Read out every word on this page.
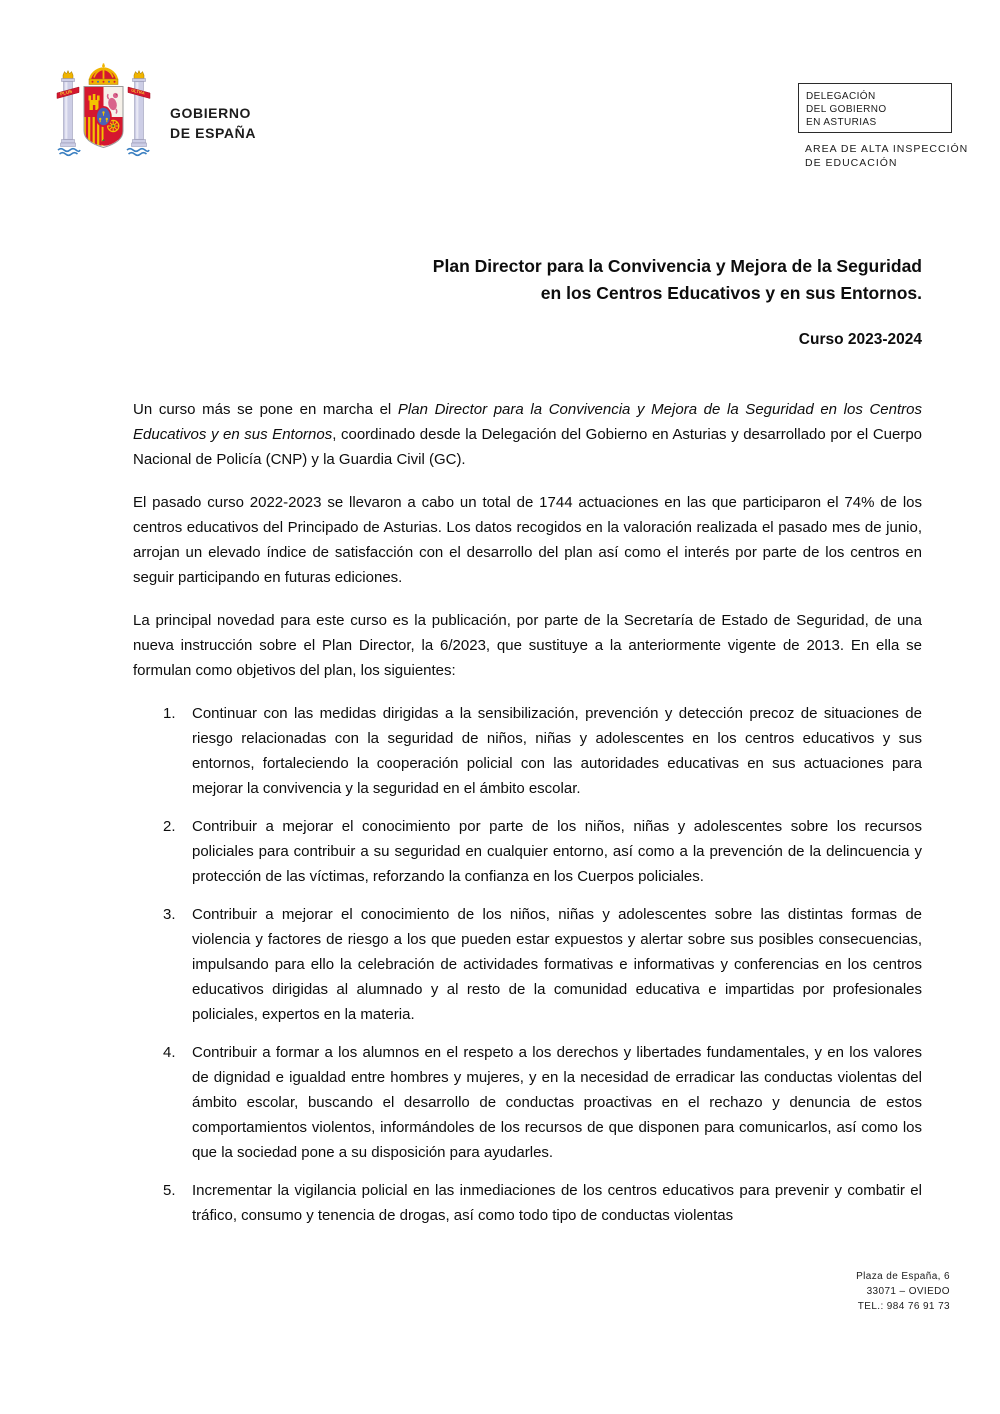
PLUS	ULTRA
GOBIERNO
DE ESPAÑA
DELEGACIÓN
DEL GOBIERNO
EN ASTURIAS
AREA DE ALTA INSPECCIÓN
DE EDUCACIÓN
Plan Director para la Convivencia y Mejora de la Seguridad
en los Centros Educativos y en sus Entornos.
Curso 2023-2024

Un curso más se pone en marcha el Plan Director para la Convivencia y Mejora de la Seguridad en los Centros Educativos y en sus Entornos, coordinado desde la Delegación del Gobierno en Asturias y desarrollado por el Cuerpo Nacional de Policía (CNP) y la Guardia Civil (GC).

El pasado curso 2022-2023 se llevaron a cabo un total de 1744 actuaciones en las que participaron el 74% de los centros educativos del Principado de Asturias. Los datos recogidos en la valoración realizada el pasado mes de junio, arrojan un elevado índice de satisfacción con el desarrollo del plan así como el interés por parte de los centros en seguir participando en futuras ediciones.

La principal novedad para este curso es la publicación, por parte de la Secretaría de Estado de Seguridad, de una nueva instrucción sobre el Plan Director, la 6/2023, que sustituye a la anteriormente vigente de 2013. En ella se formulan como objetivos del plan, los siguientes:

1.	Continuar con las medidas dirigidas a la sensibilización, prevención y detección precoz de situaciones de riesgo relacionadas con la seguridad de niños, niñas y adolescentes en los centros educativos y sus entornos, fortaleciendo la cooperación policial con las autoridades educativas en sus actuaciones para mejorar la convivencia y la seguridad en el ámbito escolar.
2.	Contribuir a mejorar el conocimiento por parte de los niños, niñas y adolescentes sobre los recursos policiales para contribuir a su seguridad en cualquier entorno, así como a la prevención de la delincuencia y protección de las víctimas, reforzando la confianza en los Cuerpos policiales.
3.	Contribuir a mejorar el conocimiento de los niños, niñas y adolescentes sobre las distintas formas de violencia y factores de riesgo a los que pueden estar expuestos y alertar sobre sus posibles consecuencias, impulsando para ello la celebración de actividades formativas e informativas y conferencias en los centros educativos dirigidas al alumnado y al resto de la comunidad educativa e impartidas por profesionales policiales, expertos en la materia.
4.	Contribuir a formar a los alumnos en el respeto a los derechos y libertades fundamentales, y en los valores de dignidad e igualdad entre hombres y mujeres, y en la necesidad de erradicar las conductas violentas del ámbito escolar, buscando el desarrollo de conductas proactivas en el rechazo y denuncia de estos comportamientos violentos, informándoles de los recursos de que disponen para comunicarlos, así como los que la sociedad pone a su disposición para ayudarles.
5.	Incrementar la vigilancia policial en las inmediaciones de los centros educativos para prevenir y combatir el tráfico, consumo y tenencia de drogas, así como todo tipo de conductas violentas
Plaza de España, 6
33071 – OVIEDO
TEL.: 984 76 91 73
